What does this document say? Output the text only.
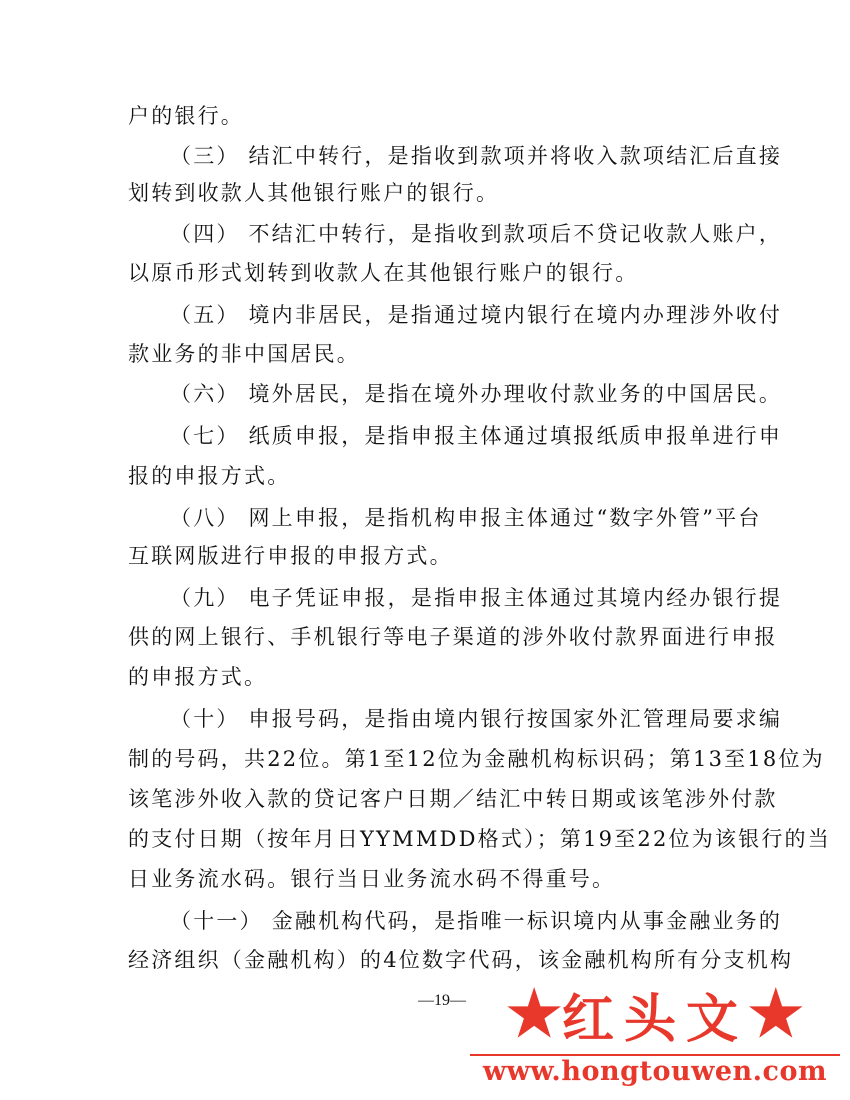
户的银行。
（三） 结汇中转行，是指收到款项并将收入款项结汇后直接
划转到收款人其他银行账户的银行。
（四） 不结汇中转行，是指收到款项后不贷记收款人账户，
以原币形式划转到收款人在其他银行账户的银行。
（五） 境内非居民，是指通过境内银行在境内办理涉外收付
款业务的非中国居民。
（六） 境外居民，是指在境外办理收付款业务的中国居民。
（七） 纸质申报，是指申报主体通过填报纸质申报单进行申
报的申报方式。
（八） 网上申报，是指机构申报主体通过“数字外管”平台
互联网版进行申报的申报方式。
（九） 电子凭证申报，是指申报主体通过其境内经办银行提
供的网上银行、手机银行等电子渠道的涉外收付款界面进行申报
的申报方式。
（十） 申报号码，是指由境内银行按国家外汇管理局要求编
制的号码，共22位。第1至12位为金融机构标识码；第13至18位为
该笔涉外收入款的贷记客户日期／结汇中转日期或该笔涉外付款
的支付日期（按年月日YYMMDD格式）；第19至22位为该银行的当
日业务流水码。银行当日业务流水码不得重号。
（十一） 金融机构代码，是指唯一标识境内从事金融业务的
经济组织（金融机构）的4位数字代码，该金融机构所有分支机构
—19— ★ 红头文 ★
www.hongtouwen.com
